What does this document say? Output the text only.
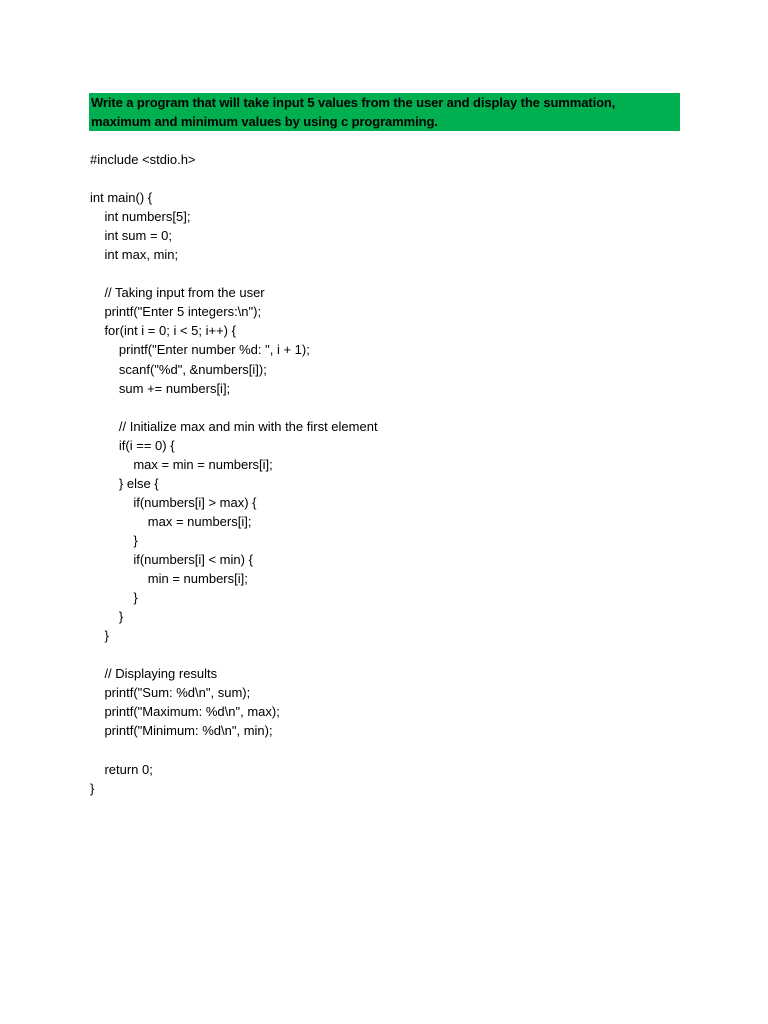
Write a program that will take input 5 values from the user and display the summation, maximum and minimum values by using c programming.
#include <stdio.h>

int main() {
int numbers[5];
int sum = 0;
int max, min;

// Taking input from the user
printf("Enter 5 integers:\n");
for(int i = 0; i < 5; i++) {
printf("Enter number %d: ", i + 1);
scanf("%d", &numbers[i]);
sum += numbers[i];

// Initialize max and min with the first element
if(i == 0) {
max = min = numbers[i];
} else {
if(numbers[i] > max) {
max = numbers[i];
}
if(numbers[i] < min) {
min = numbers[i];
}
}
}

// Displaying results
printf("Sum: %d\n", sum);
printf("Maximum: %d\n", max);
printf("Minimum: %d\n", min);

return 0;
}
